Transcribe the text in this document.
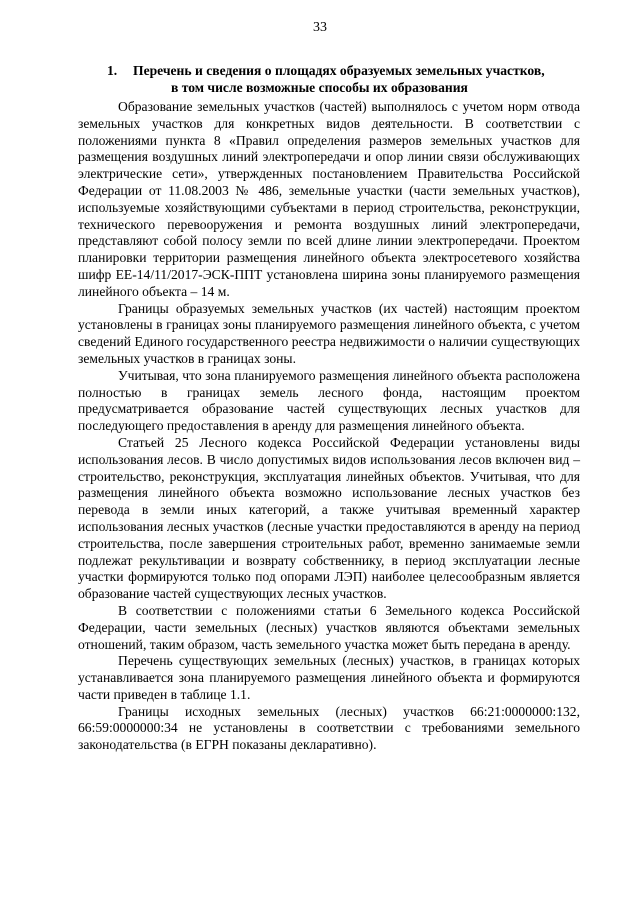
33
1. Перечень и сведения о площадях образуемых земельных участков,
в том числе возможные способы их образования

Образование земельных участков (частей) выполнялось с учетом норм отвода земельных участков для конкретных видов деятельности. В соответствии с положениями пункта 8 «Правил определения размеров земельных участков для размещения воздушных линий электропередачи и опор линии связи обслуживающих электрические сети», утвержденных постановлением Правительства Российской Федерации от 11.08.2003 № 486, земельные участки (части земельных участков), используемые хозяйствующими субъектами в период строительства, реконструкции, технического перевооружения и ремонта воздушных линий электропередачи, представляют собой полосу земли по всей длине линии электропередачи. Проектом планировки территории размещения линейного объекта электросетевого хозяйства шифр ЕЕ-14/11/2017-ЭСК-ППТ установлена ширина зоны планируемого размещения линейного объекта – 14 м.

Границы образуемых земельных участков (их частей) настоящим проектом установлены в границах зоны планируемого размещения линейного объекта, с учетом сведений Единого государственного реестра недвижимости о наличии существующих земельных участков в границах зоны.

Учитывая, что зона планируемого размещения линейного объекта расположена полностью в границах земель лесного фонда, настоящим проектом предусматривается образование частей существующих лесных участков для последующего предоставления в аренду для размещения линейного объекта.

Статьей 25 Лесного кодекса Российской Федерации установлены виды использования лесов. В число допустимых видов использования лесов включен вид – строительство, реконструкция, эксплуатация линейных объектов. Учитывая, что для размещения линейного объекта возможно использование лесных участков без перевода в земли иных категорий, а также учитывая временный характер использования лесных участков (лесные участки предоставляются в аренду на период строительства, после завершения строительных работ, временно занимаемые земли подлежат рекультивации и возврату собственнику, в период эксплуатации лесные участки формируются только под опорами ЛЭП) наиболее целесообразным является образование частей существующих лесных участков.

В соответствии с положениями статьи 6 Земельного кодекса Российской Федерации, части земельных (лесных) участков являются объектами земельных отношений, таким образом, часть земельного участка может быть передана в аренду.

Перечень существующих земельных (лесных) участков, в границах которых устанавливается зона планируемого размещения линейного объекта и формируются части приведен в таблице 1.1.

Границы исходных земельных (лесных) участков 66:21:0000000:132, 66:59:0000000:34 не установлены в соответствии с требованиями земельного законодательства (в ЕГРН показаны декларативно).
